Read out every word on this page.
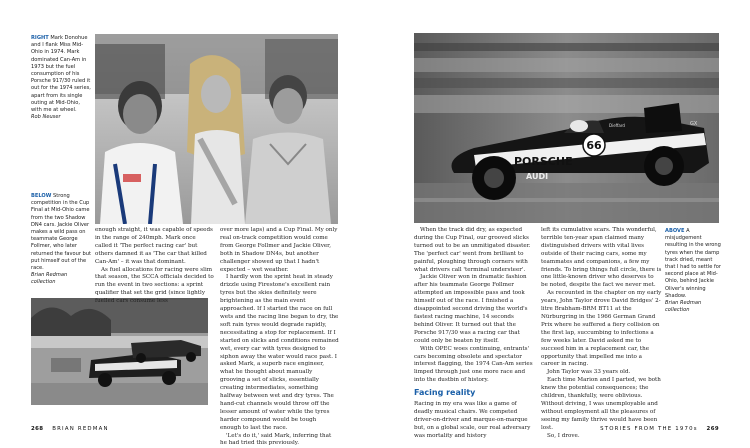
RIGHT Mark Donohue and I flank Miss Mid-Ohio in 1974. Mark dominated Can-Am in 1973 but the fuel consumption of his Porsche 917/30 ruled it out for the 1974 series, apart from its single outing at Mid-Ohio, with me at wheel.
Rob Neuser
BELOW Strong competition in the Cup Final at Mid-Ohio came from the two Shadow DN4 cars. Jackie Oliver makes a wild pass on teammate George Follmer, who later returned the favour but put himself out of the race.
Brian Redman collection

enough straight, it was capable of speeds in the range of 240mph. Mark once called it 'The perfect racing car' but others damned it as 'The car that killed Can-Am' – it was that dominant.

As fuel allocations for racing were slim that season, the SCCA officials decided to run the event in two sections: a sprint qualifier that set the grid (since lightly fuelled cars consume less

over more laps) and a Cup Final. My only real on-track competition would come from George Follmer and Jackie Oliver, both in Shadow DN4s, but another challenger showed up that I hadn't expected – wet weather.

I hardly won the sprint heat in steady drizzle using Firestone's excellent rain tyres but the skies definitely were brightening as the main event approached. If I started the race on full wets and the racing line began to dry, the soft rain tyres would degrade rapidly, necessitating a stop for replacement. If I started on slicks and conditions remained wet, every car with tyres designed to siphon away the water would race past. I asked Mark, a superb race engineer, what he thought about manually grooving a set of slicks, essentially creating intermediates, something halfway between wet and dry tyres. The hand-cut channels would throw off the lesser amount of water while the tyres harder compound would be tough enough to last the race.

'Let's do it,' said Mark, inferring that he had tried this previously.

268 BRIAN REDMAN
66
PORSCHE
AUDI
Dieffard	GX

When the track did dry, as expected during the Cup Final, our grooved slicks turned out to be an unmitigated disaster. The 'perfect car' went from brilliant to painful, ploughing through corners with what drivers call 'terminal understeer'.

Jackie Oliver won in dramatic fashion after his teammate George Follmer attempted an impossible pass and took himself out of the race. I finished a disappointed second driving the world's fastest racing machine, 14 seconds behind Oliver. It turned out that the Porsche 917/30 was a racing car that could only be beaten by itself.

With OPEC woes continuing, entrants' cars becoming obsolete and spectator interest flagging, the 1974 Can-Am series limped through just one more race and into the dustbin of history.

Facing reality

Racing in my era was like a game of deadly musical chairs. We competed driver-on-driver and marque-on-marque but, on a global scale, our real adversary was mortality and history

left its cumulative scars. This wonderful, terrible ten-year span claimed many distinguished drivers with vital lives outside of their racing cars, some my teammates and companions, a few my friends. To bring things full circle, there is one little-known driver who deserves to be noted, despite the fact we never met.

As recounted in the chapter on my early years, John Taylor drove David Bridges' 2-litre Brabham-BRM BT11 at the Nürburgring in the 1966 German Grand Prix where he suffered a fiery collision on the first lap, succumbing to infections a few weeks later. David asked me to succeed him in a replacement car, the opportunity that impelled me into a career in racing.

John Taylor was 33 years old.

Each time Marion and I parted, we both knew the potential consequences; the children, thankfully, were oblivious. Without driving, I was unemployable and without employment all the pleasures of seeing my family thrive would have been lost.

So, I drove.

ABOVE A misjudgement resulting in the wrong tyres when the damp track dried, meant that I had to settle for second place at Mid-Ohio, behind Jackie Oliver's winning Shadow.
Brian Redman collection
STORIES FROM THE 1970s 269
